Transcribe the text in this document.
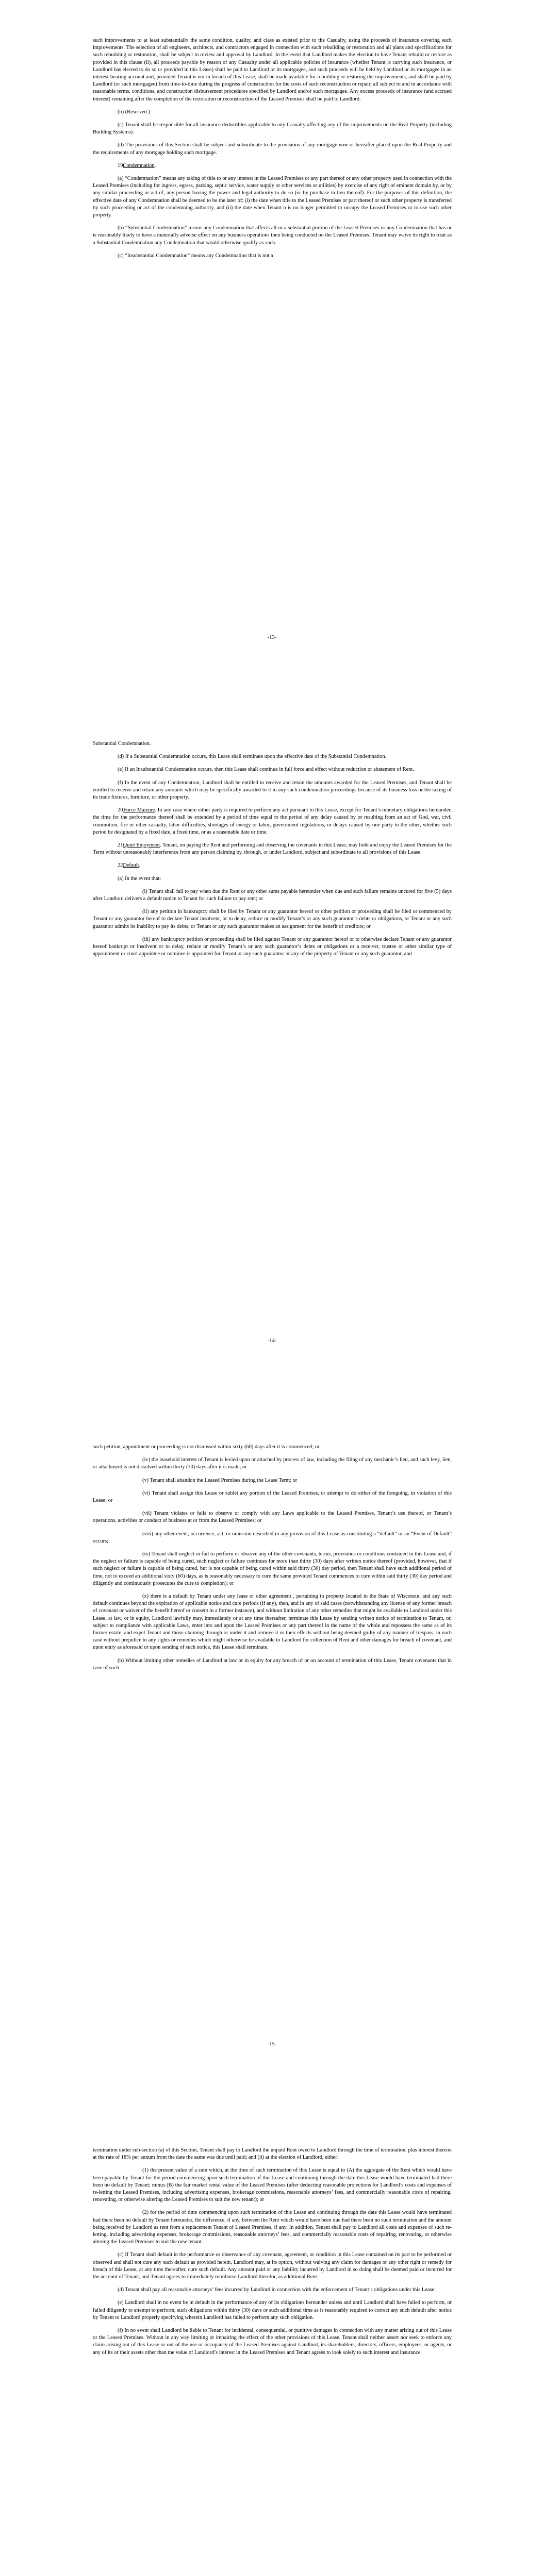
such improvements to at least substantially the same condition, quality, and class as existed prior to the Casualty, using the proceeds of insurance covering such improvements. The selection of all engineers, architects, and contractors engaged in connection with such rebuilding or restoration and all plans and specifications for such rebuilding or restoration, shall be subject to review and approval by Landlord. In the event that Landlord makes the election to have Tenant rebuild or restore as provided in this clause (ii), all proceeds payable by reason of any Casualty under all applicable policies of insurance (whether Tenant is carrying such insurance, or Landlord has elected to do so or provided in this Lease) shall be paid to Landlord or its mortgagee, and such proceeds will be held by Landlord or its mortgagee in an interest-bearing account and, provided Tenant is not in breach of this Lease, shall be made available for rebuilding or restoring the improvements, and shall be paid by Landlord (or such mortgagee) from time-to-time during the progress of construction for the costs of such reconstruction or repair, all subject to and in accordance with reasonable terms, conditions, and construction disbursement procedures specified by Landlord and/or such mortgagee. Any excess proceeds of insurance (and accrued interest) remaining after the completion of the restoration or reconstruction of the Leased Premises shall be paid to Landlord.

(b) (Reserved.)

(c) Tenant shall be responsible for all insurance deductibles applicable to any Casualty affecting any of the improvements on the Real Property (including Building Systems).

(d) The provisions of this Section shall be subject and subordinate to the provisions of any mortgage now or hereafter placed upon the Real Property and the requirements of any mortgage holding such mortgage.

19.    Condemnation.

(a) “Condemnation” means any taking of title to or any interest in the Leased Premises or any part thereof or any other property used in connection with the Leased Premises (including for ingress, egress, parking, septic service, water supply or other services or utilities) by exercise of any right of eminent domain by, or by any similar proceeding or act of, any person having the power and legal authority to do so (or by purchase in lieu thereof). For the purposes of this definition, the effective date of any Condemnation shall be deemed to be the later of: (i) the date when title to the Leased Premises or part thereof or such other property is transferred by such proceeding or act of the condemning authority, and (ii) the date when Tenant o is no longer permitted to occupy the Leased Premises or to use such other property.

(b) “Substantial Condemnation” means any Condemnation that affects all or a substantial portion of the Leased Premises or any Condemnation that has or is reasonably likely to have a materially adverse effect on any business operations then being conducted on the Leased Premises. Tenant may waive its right to treat as a Substantial Condemnation any Condemnation that would otherwise qualify as such.

(c) “Insubstantial Condemnation” means any Condemnation that is not a

-13-

Substantial Condemnation.

(d) If a Substantial Condemnation occurs, this Lease shall terminate upon the effective date of the Substantial Condemnation.

(e) If an Insubstantial Condemnation occurs, then this Lease shall continue in full force and effect without reduction or abatement of Rent.

(f) In the event of any Condemnation, Landlord shall be entitled to receive and retain the amounts awarded for the Leased Premises, and Tenant shall be entitled to receive and retain any amounts which may be specifically awarded to it in any such condemnation proceedings because of its business loss or the taking of its trade fixtures, furniture, or other property.

20.    Force Majeure. In any case where either party is required to perform any act pursuant to this Lease, except for Tenant’s monetary obligations hereunder, the time for the performance thereof shall be extended by a period of time equal to the period of any delay caused by or resulting from an act of God, war, civil commotion, fire or other casualty, labor difficulties, shortages of energy or labor, government regulations, or delays caused by one party to the other, whether such period be designated by a fixed date, a fixed time, or as a reasonable date or time.

21.    Quiet Enjoyment. Tenant, on paying the Rent and performing and observing the covenants in this Lease, may hold and enjoy the Leased Premises for the Term without unreasonably interference from any person claiming by, through, or under Landlord, subject and subordinate to all provisions of this Lease.

22.    Default.

(a) In the event that:

(i) Tenant shall fail to pay when due the Rent or any other sums payable hereunder when due and such failure remains uncured for five (5) days after Landlord delivers a default notice to Tenant for such failure to pay rent; or

(ii) any petition in bankruptcy shall be filed by Tenant or any guarantor hereof or other petition or proceeding shall be filed or commenced by Tenant or any guarantor hereof to declare Tenant insolvent, or to delay, reduce or modify Tenant’s or any such guarantor’s debts or obligations, or Tenant or any such guarantor admits its inability to pay its debts, or Tenant or any such guarantor makes an assignment for the benefit of creditors; or

(iii) any bankruptcy petition or proceeding shall be filed against Tenant or any guarantor hereof or to otherwise declare Tenant or any guarantor hereof bankrupt or insolvent or to delay, reduce or modify Tenant’s or any such guarantor’s debts or obligations or a receiver, trustee or other similar type of appointment or court appointee or nominee is appointed for Tenant or any such guarantor or any of the property of Tenant or any such guarantor, and

-14-

such petition, appointment or proceeding is not dismissed within sixty (60) days after it is commenced; or

(iv) the leasehold interest of Tenant is levied upon or attached by process of law, including the filing of any mechanic’s lien, and such levy, lien, or attachment is not dissolved within thirty (30) days after it is made; or

(v) Tenant shall abandon the Leased Premises during the Lease Term; or

(vi) Tenant shall assign this Lease or sublet any portion of the Leased Premises, or attempt to do either of the foregoing, in violation of this Lease; or

(vii) Tenant violates or fails to observe or comply with any Laws applicable to the Leased Premises, Tenant’s use thereof, or Tenant’s operations, activities or conduct of business at or from the Leased Premises; or

(viii) any other event, occurrence, act, or omission described in any provision of this Lease as constituting a “default” or an “Event of Default” occurs;

(ix) Tenant shall neglect or fail to perform or observe any of the other covenants, terms, provisions or conditions contained in this Lease and, if the neglect or failure is capable of being cured, such neglect or failure continues for more than thirty (30) days after written notice thereof (provided, however, that if such neglect or failure is capable of being cured, but is not capable of being cured within said thirty (30) day period, then Tenant shall have such additional period of time, not to exceed an additional sixty (60) days, as is reasonably necessary to cure the same provided Tenant commences to cure within said thirty (30) day period and diligently and continuously prosecutes the cure to completion); or

(x) there is a default by Tenant under any lease or other agreement , pertaining to property located in the State of Wisconsin, and any such default continues beyond the expiration of applicable notice and cure periods (if any), then, and in any of said cases (notwithstanding any license of any former breach of covenant or waiver of the benefit hereof or consent in a former instance), and without limitation of any other remedies that might be available to Landlord under this Lease, at law, or in equity, Landlord lawfully may, immediately or at any time thereafter, terminate this Lease by sending written notice of termination to Tenant, or, subject to compliance with applicable Laws, enter into and upon the Leased Premises or any part thereof in the name of the whole and repossess the same as of its former estate, and expel Tenant and those claiming through or under it and remove it or their effects without being deemed guilty of any manner of trespass, in each case without prejudice to any rights or remedies which might otherwise be available to Landlord for collection of Rent and other damages for breach of covenant, and upon entry as aforesaid or upon sending of such notice, this Lease shall terminate.

(b) Without limiting other remedies of Landlord at law or in equity for any breach of or on account of termination of this Lease, Tenant covenants that in case of such

-15-

termination under sub-section (a) of this Section, Tenant shall pay to Landlord the unpaid Rent owed to Landlord through the time of termination, plus interest thereon at the rate of 18% per annum from the date the same was due until paid; and (ii) at the election of Landlord, either:

(1) the present value of a sum which, at the time of such termination of this Lease is equal to (A) the aggregate of the Rent which would have been payable by Tenant for the period commencing upon such termination of this Lease and continuing through the date this Lease would have terminated had there been no default by Tenant; minus (B) the fair market rental value of the Leased Premises (after deducting reasonable projections for Landlord’s costs and expenses of re-letting the Leased Premises, including advertising expenses, brokerage commissions, reasonable attorneys’ fees, and commercially reasonable costs of repairing, renovating, or otherwise altering the Leased Premises to suit the new tenant); or

(2) for the period of time commencing upon such termination of this Lease and continuing through the date this Lease would have terminated had there been no default by Tenant hereunder, the difference, if any, between the Rent which would have been due had there been no such termination and the amount being received by Landlord as rent from a replacement Tenant of Leased Premises, if any. In addition, Tenant shall pay to Landlord all costs and expenses of such re-letting, including advertising expenses, brokerage commissions, reasonable attorneys’ fees, and commercially reasonable costs of repairing, renovating, or otherwise altering the Leased Premises to suit the new tenant.

(c) If Tenant shall default in the performance or observance of any covenant, agreement, or condition in this Lease contained on its part to be performed or observed and shall not cure any such default as provided herein, Landlord may, at its option, without waiving any claim for damages or any other right or remedy for breach of this Lease, at any time thereafter, cure such default. Any amount paid or any liability incurred by Landlord in so doing shall be deemed paid or incurred for the account of Tenant, and Tenant agrees to immediately reimburse Landlord therefor, as additional Rent.

(d) Tenant shall pay all reasonable attorneys’ fees incurred by Landlord in connection with the enforcement of Tenant’s obligations under this Lease.

(e) Landlord shall in no event be in default in the performance of any of its obligations hereunder unless and until Landlord shall have failed to perform, or failed diligently to attempt to perform, such obligations within thirty (30) days or such additional time as is reasonably required to correct any such default after notice by Tenant to Landlord properly specifying wherein Landlord has failed to perform any such obligation.

(f) In no event shall Landlord be liable to Tenant for incidental, consequential, or punitive damages in connection with any matter arising out of this Lease or the Leased Premises. Without in any way limiting or impairing the effect of the other provisions of this Lease, Tenant shall neither assert nor seek to enforce any claim arising out of this Lease or out of the use or occupancy of the Leased Premises against Landlord, its shareholders, directors, officers, employees, or agents, or any of its or their assets other than the value of Landlord’s interest in the Leased Premises and Tenant agrees to look solely to such interest and insurance
